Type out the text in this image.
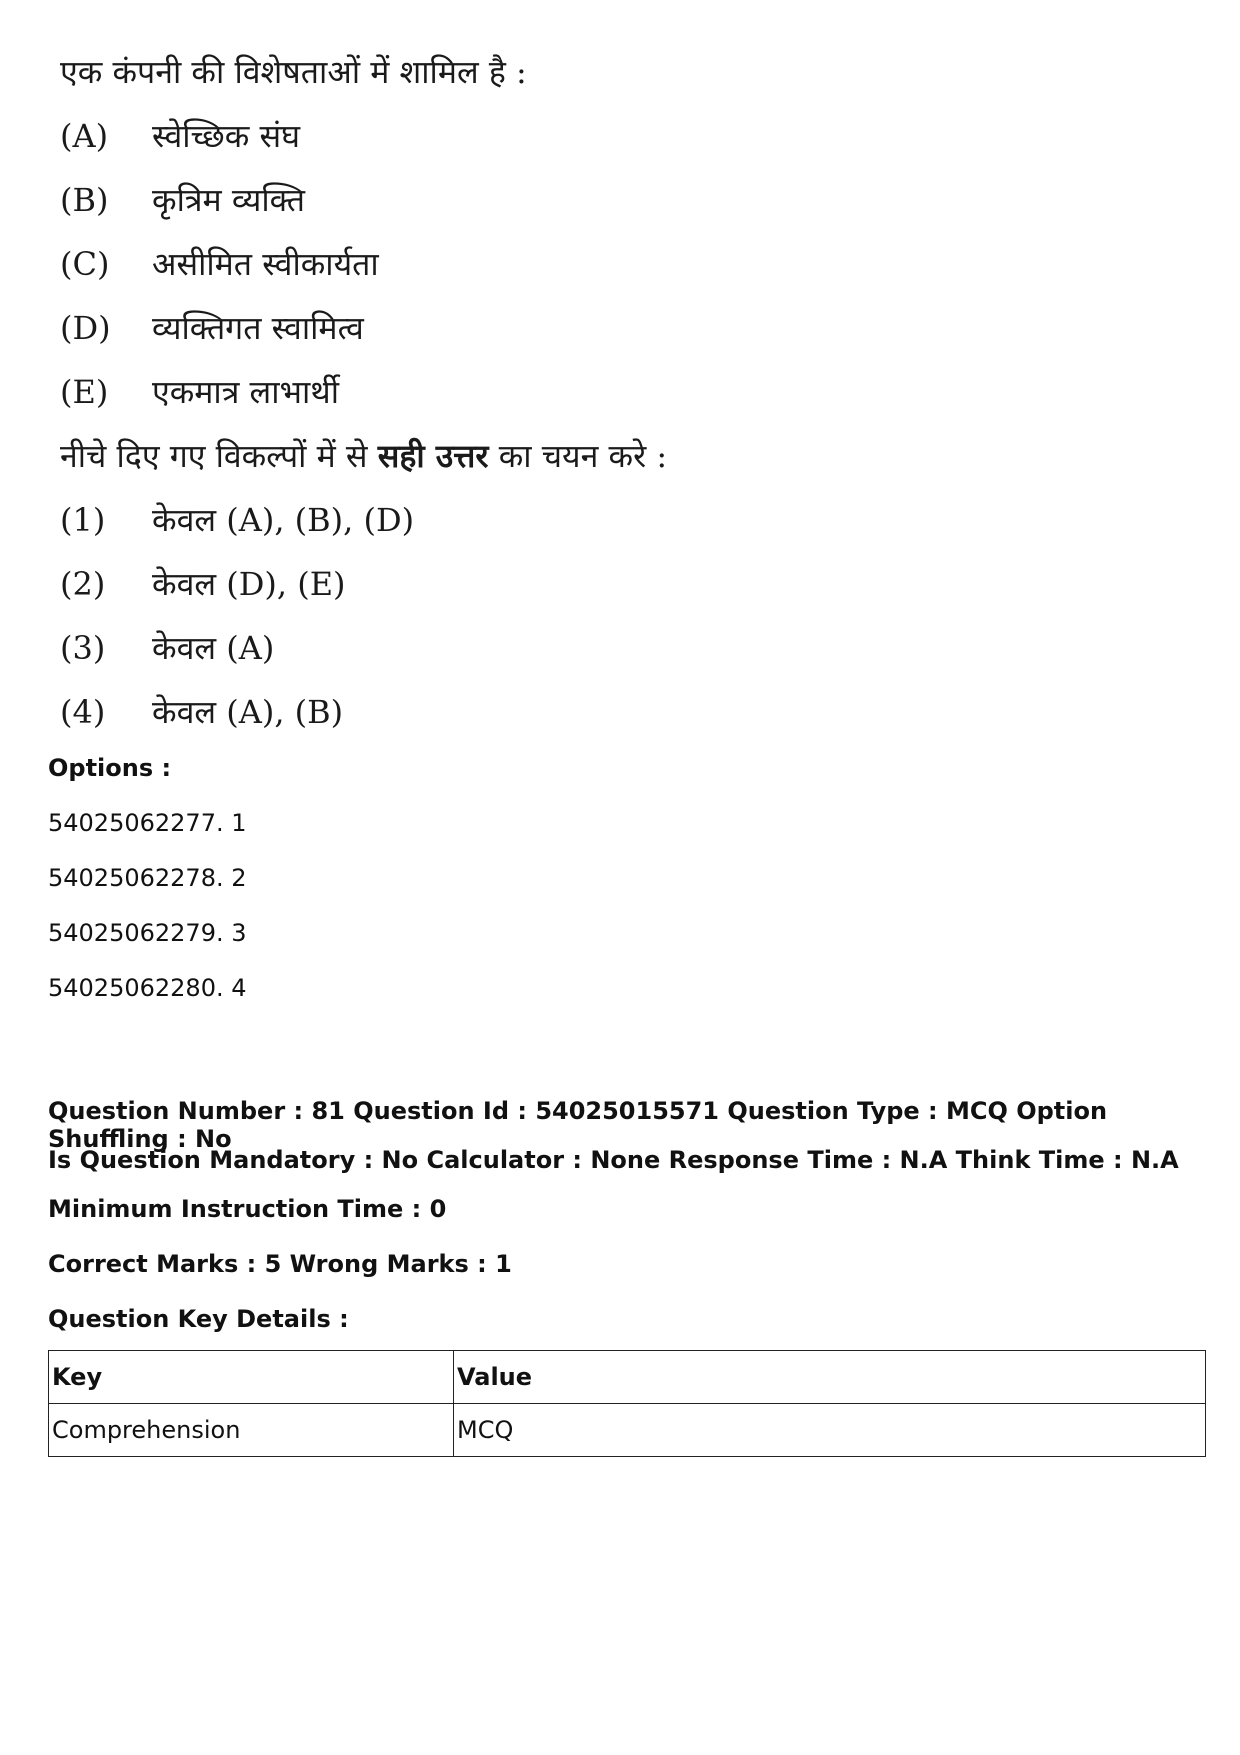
एक कंपनी की विशेषताओं में शामिल है :
(A) स्वेच्छिक संघ
(B) कृत्रिम व्यक्ति
(C) असीमित स्वीकार्यता
(D) व्यक्तिगत स्वामित्व
(E) एकमात्र लाभार्थी
नीचे दिए गए विकल्पों में से सही उत्तर का चयन करे :
(1) केवल (A), (B), (D)
(2) केवल (D), (E)
(3) केवल (A)
(4) केवल (A), (B)
Options :
54025062277. 1
54025062278. 2
54025062279. 3
54025062280. 4
Question Number : 81 Question Id : 54025015571 Question Type : MCQ Option Shuffling : No
Is Question Mandatory : No Calculator : None Response Time : N.A Think Time : N.A
Minimum Instruction Time : 0
Correct Marks : 5 Wrong Marks : 1
Question Key Details :
Key	Value
Comprehension	MCQ
